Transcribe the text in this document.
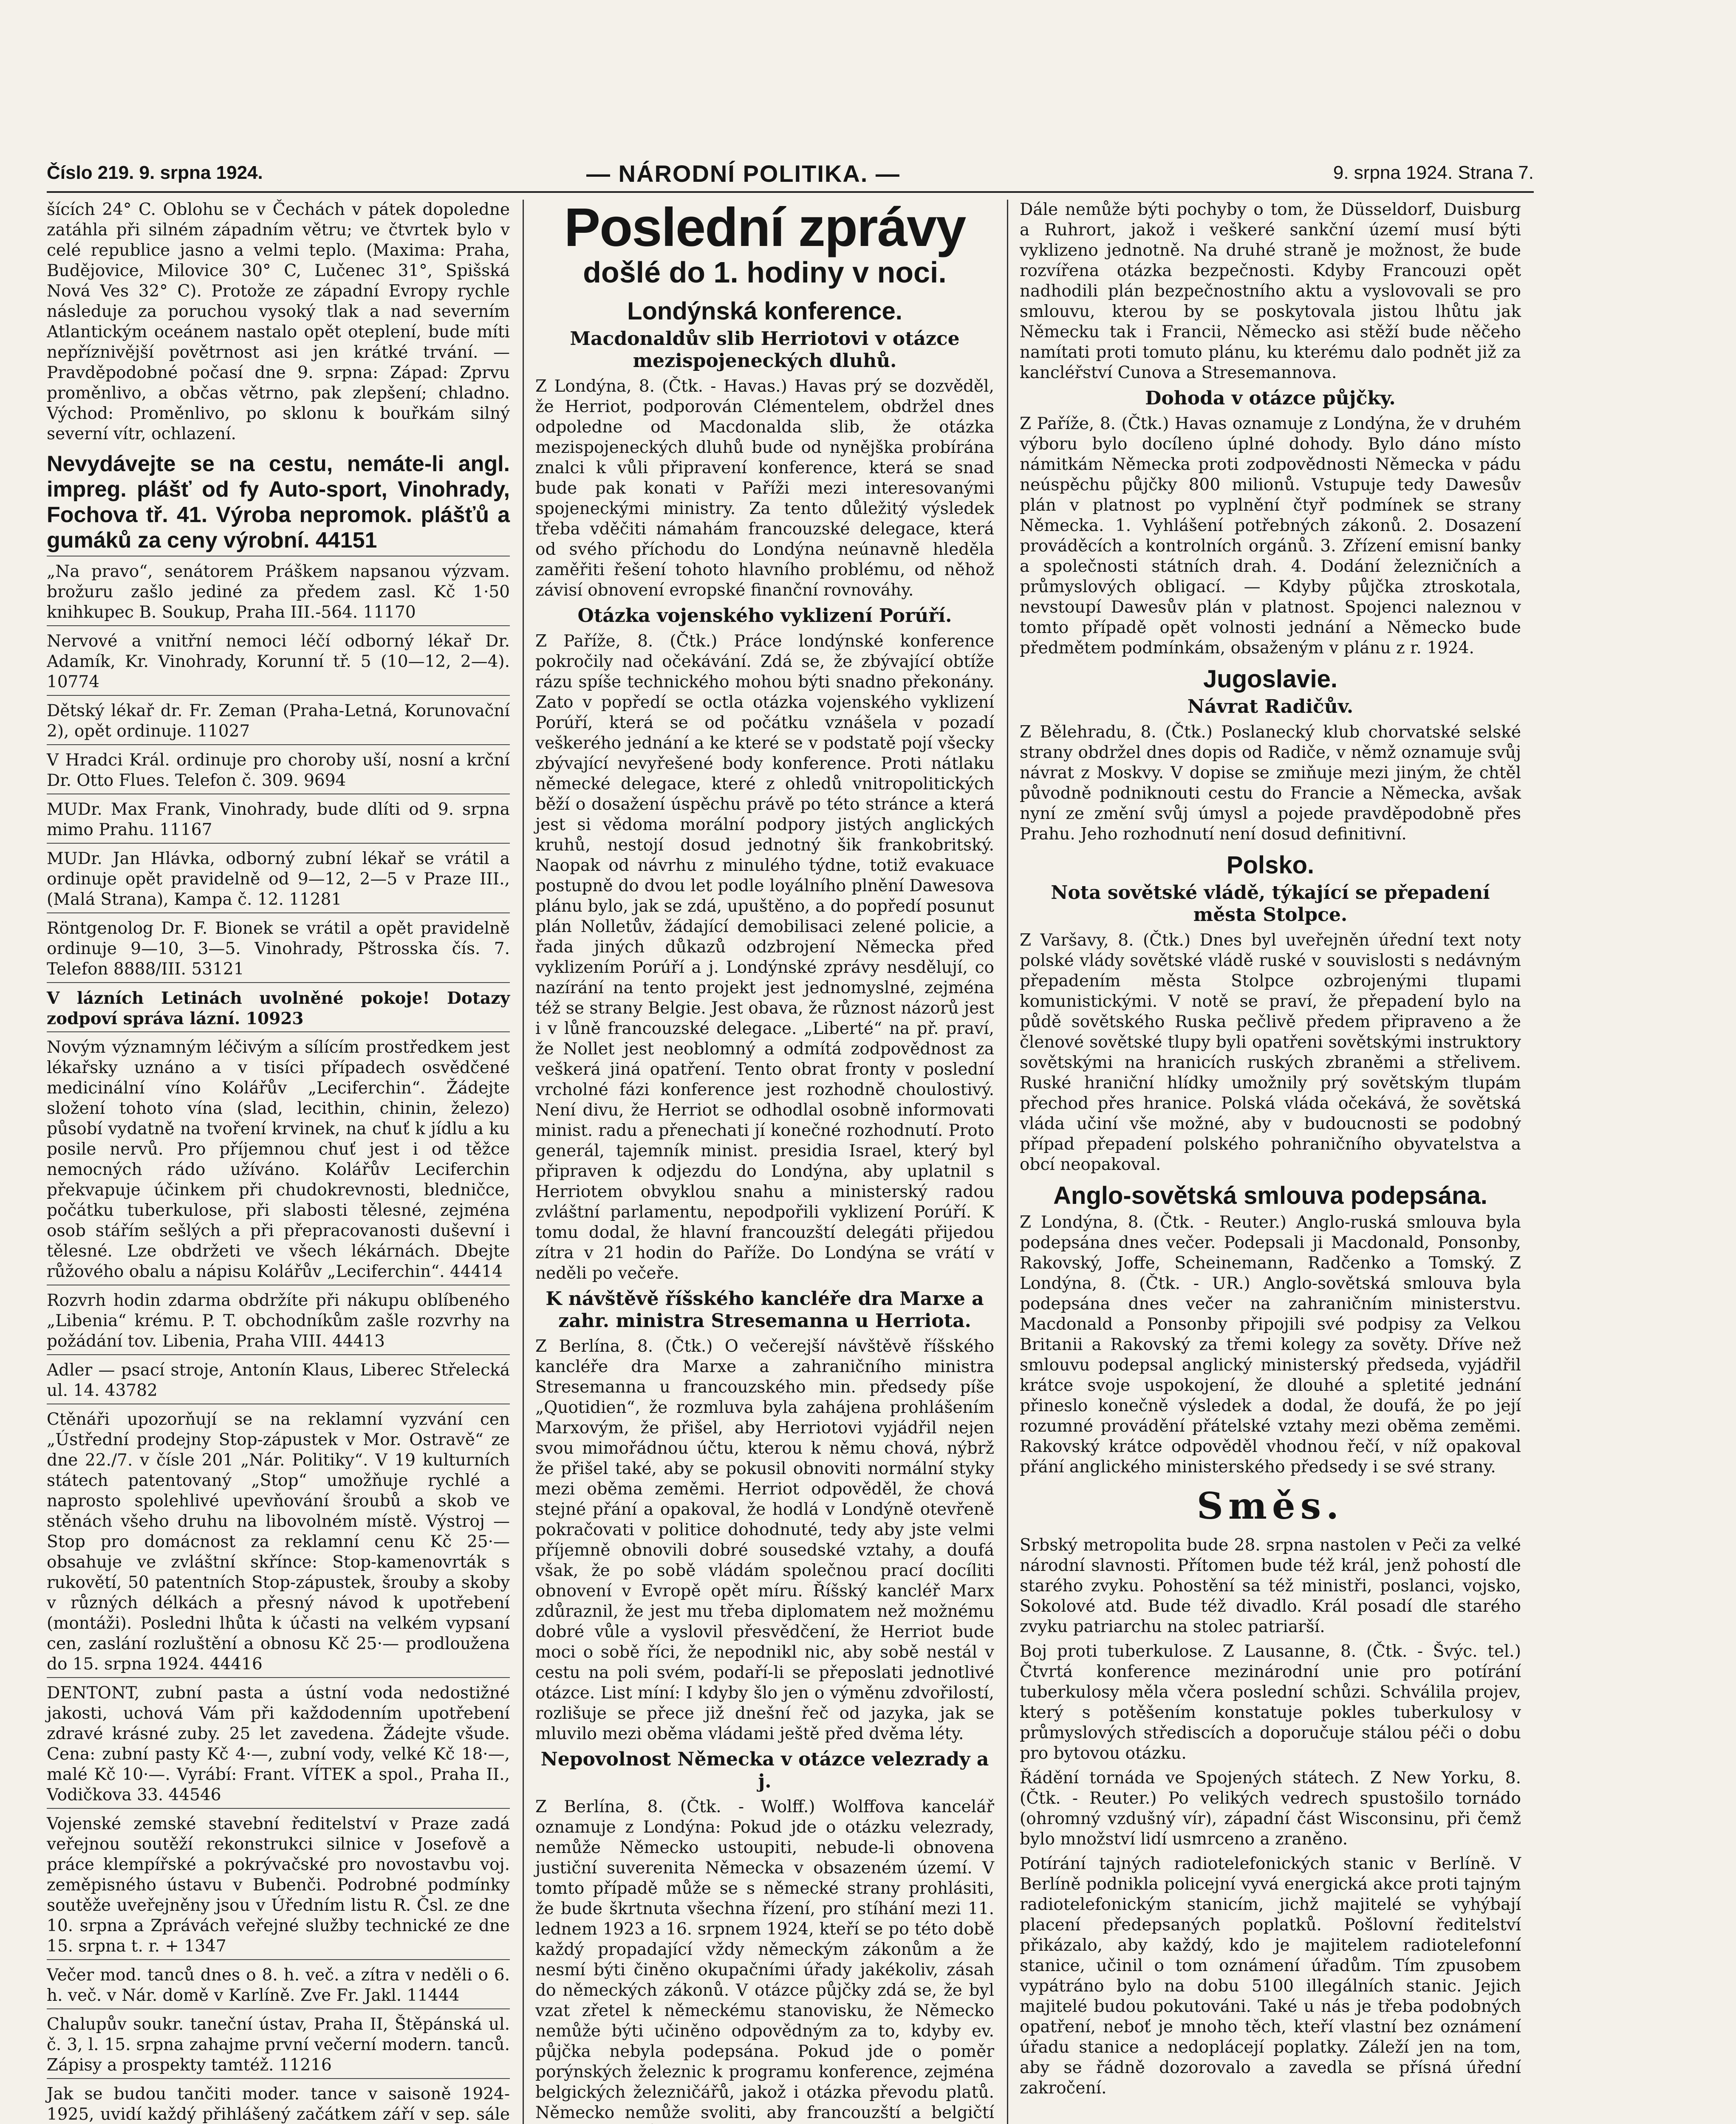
Číslo 219. 9. srpna 1924.	— NÁRODNÍ POLITIKA. —	9. srpna 1924. Strana 7.

šících 24° C. Oblohu se v Čechách v pátek dopoledne zatáhla při silném západním větru; ve čtvrtek bylo v celé republice jasno a velmi teplo. (Maxima: Praha, Budějovice, Milovice 30° C, Lučenec 31°, Spišská Nová Ves 32° C). Protože ze západní Evropy rychle následuje za poruchou vysoký tlak a nad severním Atlantickým oceánem nastalo opět oteplení, bude míti nepříznivější povětrnost asi jen krátké trvání. — Pravděpodobné počasí dne 9. srpna: Západ: Zprvu proměnlivo, a občas větrno, pak zlepšení; chladno. Východ: Proměnlivo, po sklonu k bouřkám silný severní vítr, ochlazení.

Nevydávejte se na cestu, nemáte-li angl. impreg. plášť od fy Auto-sport, Vinohrady, Fochova tř. 41. Výroba nepromok. plášťů a gumáků za ceny výrobní. 44151
„Na pravo“, senátorem Práškem napsanou výzvam. brožuru zašlo jediné za předem zasl. Kč 1·50 knihkupec B. Soukup, Praha III.-564. 11170
Nervové a vnitřní nemoci léčí odborný lékař Dr. Adamík, Kr. Vinohrady, Korunní tř. 5 (10—12, 2—4). 10774
Dětský lékař dr. Fr. Zeman (Praha-Letná, Korunovační 2), opět ordinuje. 11027
V Hradci Král. ordinuje pro choroby uší, nosní a krční Dr. Otto Flues. Telefon č. 309. 9694
MUDr. Max Frank, Vinohrady, bude dlíti od 9. srpna mimo Prahu. 11167
MUDr. Jan Hlávka, odborný zubní lékař se vrátil a ordinuje opět pravidelně od 9—12, 2—5 v Praze III., (Malá Strana), Kampa č. 12. 11281
Röntgenolog Dr. F. Bionek se vrátil a opět pravidelně ordinuje 9—10, 3—5. Vinohrady, Pštrosska čís. 7. Telefon 8888/III. 53121
V lázních Letinách uvolněné pokoje! Dotazy zodpoví správa lázní. 10923
Novým významným léčivým a sílícím prostředkem jest lékařsky uznáno a v tisíci případech osvědčené medicinální víno Kolářův „Leciferchin“. Žádejte složení tohoto vína (slad, lecithin, chinin, železo) působí vydatně na tvoření krvinek, na chuť k jídlu a ku posile nervů. Pro příjemnou chuť jest i od těžce nemocných rádo užíváno. Kolářův Leciferchin překvapuje účinkem při chudokrevnosti, bledničce, počátku tuberkulose, při slabosti tělesné, zejména osob stářím sešlých a při přepracovanosti duševní i tělesné. Lze obdržeti ve všech lékárnách. Dbejte růžového obalu a nápisu Kolářův „Leciferchin“. 44414
Rozvrh hodin zdarma obdržíte při nákupu oblíbeného „Libenia“ krému. P. T. obchodníkům zašle rozvrhy na požádání tov. Libenia, Praha VIII. 44413
Adler — psací stroje, Antonín Klaus, Liberec Střelecká ul. 14. 43782
Ctěnáři upozorňují se na reklamní vyzvání cen „Ústřední prodejny Stop-zápustek v Mor. Ostravě“ ze dne 22./7. v čísle 201 „Nár. Politiky“. V 19 kulturních státech patentovaný „Stop“ umožňuje rychlé a naprosto spolehlivé upevňování šroubů a skob ve stěnách všeho druhu na libovolném místě. Výstroj — Stop pro domácnost za reklamní cenu Kč 25·— obsahuje ve zvláštní skřínce: Stop-kamenovrták s rukovětí, 50 patentních Stop-zápustek, šrouby a skoby v různých délkách a přesný návod k upotřebení (montáži). Posledni lhůta k účasti na velkém vypsaní cen, zaslání rozluštění a obnosu Kč 25·— prodloužena do 15. srpna 1924. 44416
DENTONT, zubní pasta a ústní voda nedostižné jakosti, uchová Vám při každodenním upotřebení zdravé krásné zuby. 25 let zavedena. Žádejte všude. Cena: zubní pasty Kč 4·—, zubní vody, velké Kč 18·—, malé Kč 10·—. Vyrábí: Frant. VÍTEK a spol., Praha II., Vodičkova 33. 44546
Vojenské zemské stavební ředitelství v Praze zadá veřejnou soutěží rekonstrukci silnice v Josefově a práce klempířské a pokrývačské pro novostavbu voj. zeměpisného ústavu v Bubenči. Podrobné podmínky soutěže uveřejněny jsou v Úředním listu R. Čsl. ze dne 10. srpna a Zprávách veřejné služby technické ze dne 15. srpna t. r. + 1347
Večer mod. tanců dnes o 8. h. več. a zítra v neděli o 6. h. več. v Nár. domě v Karlíně. Zve Fr. Jakl. 11444
Chalupův soukr. taneční ústav, Praha II, Štěpánská ul. č. 3, l. 15. srpna zahajme první večerní modern. tanců. Zápisy a prospekty tamtéž. 11216
Jak se budou tančiti moder. tance v saisoně 1924-1925, uvidí každý přihlášený začátkem září v sep. sále
Poslední zprávy
došlé do 1. hodiny v noci.
Londýnská konference.
Macdonaldův slib Herriotovi v otázce mezispojeneckých dluhů.

Z Londýna, 8. (Čtk. - Havas.) Havas prý se dozvěděl, že Herriot, podporován Clémentelem, obdržel dnes odpoledne od Macdonalda slib, že otázka mezispojeneckých dluhů bude od nynějška probírána znalci k vůli připravení konference, která se snad bude pak konati v Paříži mezi interesovanými spojeneckými ministry. Za tento důležitý výsledek třeba vděčiti námahám francouzské delegace, která od svého příchodu do Londýna neúnavně hleděla zaměřiti řešení tohoto hlavního problému, od něhož závisí obnovení evropské finanční rovnováhy.

Otázka vojenského vyklizení Porúří.

Z Paříže, 8. (Čtk.) Práce londýnské konference pokročily nad očekávání. Zdá se, že zbývající obtíže rázu spíše technického mohou býti snadno překonány. Zato v popředí se octla otázka vojenského vyklizení Porúří, která se od počátku vznášela v pozadí veškerého jednání a ke které se v podstatě pojí všecky zbývající nevyřešené body konference. Proti nátlaku německé delegace, které z ohledů vnitropolitických běží o dosažení úspěchu právě po této stránce a která jest si vědoma morální podpory jistých anglických kruhů, nestojí dosud jednotný šik frankobritský. Naopak od návrhu z minulého týdne, totiž evakuace postupně do dvou let podle loyálního plnění Dawesova plánu bylo, jak se zdá, upuštěno, a do popředí posunut plán Nolletův, žádající demobilisaci zelené policie, a řada jiných důkazů odzbrojení Německa před vyklizením Porúří a j. Londýnské zprávy nesdělují, co nazírání na tento projekt jest jednomyslné, zejména též se strany Belgie. Jest obava, že různost názorů jest i v lůně francouzské delegace. „Liberté“ na př. praví, že Nollet jest neoblomný a odmítá zodpovědnost za veškerá jiná opatření. Tento obrat fronty v poslední vrcholné fázi konference jest rozhodně choulostivý. Není divu, že Herriot se odhodlal osobně informovati minist. radu a přenechati jí konečné rozhodnutí. Proto generál, tajemník minist. presidia Israel, který byl připraven k odjezdu do Londýna, aby uplatnil s Herriotem obvyklou snahu a ministerský radou zvláštní parlamentu, nepodpořili vyklizení Porúří. K tomu dodal, že hlavní francouzští delegáti přijedou zítra v 21 hodin do Paříže. Do Londýna se vrátí v neděli po večeře.

K návštěvě říšského kancléře dra Marxe a zahr. ministra Stresemanna u Herriota.

Z Berlína, 8. (Čtk.) O večerejší návštěvě říšského kancléře dra Marxe a zahraničního ministra Stresemanna u francouzského min. předsedy píše „Quotidien“, že rozmluva byla zahájena prohlášením Marxovým, že přišel, aby Herriotovi vyjádřil nejen svou mimořádnou účtu, kterou k němu chová, nýbrž že přišel také, aby se pokusil obnoviti normální styky mezi oběma zeměmi. Herriot odpověděl, že chová stejné přání a opakoval, že hodlá v Londýně otevřeně pokračovati v politice dohodnuté, tedy aby jste velmi příjemně obnovili dobré sousedské vztahy, a doufá však, že po sobě vládám společnou prací docíliti obnovení v Evropě opět míru. Říšský kancléř Marx zdůraznil, že jest mu třeba diplomatem než možnému dobré vůle a vyslovil přesvědčení, že Herriot bude moci o sobě říci, že nepodnikl nic, aby sobě nestál v cestu na poli svém, podaří-li se přeposlati jednotlivé otázce. List míní: I kdyby šlo jen o výměnu zdvořilostí, rozlišuje se přece již dnešní řeč od jazyka, jak se mluvilo mezi oběma vládami ještě před dvěma léty.

Nepovolnost Německa v otázce velezrady a j.

Z Berlína, 8. (Čtk. - Wolff.) Wolffova kancelář oznamuje z Londýna: Pokud jde o otázku velezrady, nemůže Německo ustoupiti, nebude-li obnovena justiční suverenita Německa v obsazeném území. V tomto případě může se s německé strany prohlásiti, že bude škrtnuta všechna řízení, pro stíhání mezi 11. lednem 1923 a 16. srpnem 1924, kteří se po této době každý propadající vždy německým zákonům a že nesmí býti činěno okupačními úřady jakékoliv, zásah do německých zákonů. V otázce půjčky zdá se, že byl vzat zřetel k německému stanovisku, že Německo nemůže býti učiněno odpovědným za to, kdyby ev. půjčka nebyla podepsána. Pokud jde o poměr porýnských železnic k programu konference, zejména belgických železničářů, jakož i otázka převodu platů. Německo nemůže svoliti, aby francouzští a belgičtí

Dále nemůže býti pochyby o tom, že Düsseldorf, Duisburg a Ruhrort, jakož i veškeré sankční území musí býti vyklizeno jednotně. Na druhé straně je možnost, že bude rozvířena otázka bezpečnosti. Kdyby Francouzi opět nadhodili plán bezpečnostního aktu a vyslovovali se pro smlouvu, kterou by se poskytovala jistou lhůtu jak Německu tak i Francii, Německo asi stěží bude něčeho namítati proti tomuto plánu, ku kterému dalo podnět již za kancléřství Cunova a Stresemannova.

Dohoda v otázce půjčky.

Z Paříže, 8. (Čtk.) Havas oznamuje z Londýna, že v druhém výboru bylo docíleno úplné dohody. Bylo dáno místo námitkám Německa proti zodpovědnosti Německa v pádu neúspěchu půjčky 800 milionů. Vstupuje tedy Dawesův plán v platnost po vyplnění čtyř podmínek se strany Německa. 1. Vyhlášení potřebných zákonů. 2. Dosazení prováděcích a kontrolních orgánů. 3. Zřízení emisní banky a společnosti státních drah. 4. Dodání železničních a průmyslových obligací. — Kdyby půjčka ztroskotala, nevstoupí Dawesův plán v platnost. Spojenci naleznou v tomto případě opět volnosti jednání a Německo bude předmětem podmínkám, obsaženým v plánu z r. 1924.

Jugoslavie.
Návrat Radičův.

Z Bělehradu, 8. (Čtk.) Poslanecký klub chorvatské selské strany obdržel dnes dopis od Radiče, v němž oznamuje svůj návrat z Moskvy. V dopise se zmiňuje mezi jiným, že chtěl původně podniknouti cestu do Francie a Německa, avšak nyní ze změní svůj úmysl a pojede pravděpodobně přes Prahu. Jeho rozhodnutí není dosud definitivní.

Polsko.
Nota sovětské vládě, týkající se přepadení města Stolpce.

Z Varšavy, 8. (Čtk.) Dnes byl uveřejněn úřední text noty polské vlády sovětské vládě ruské v souvislosti s nedávným přepadením města Stolpce ozbrojenými tlupami komunistickými. V notě se praví, že přepadení bylo na půdě sovětského Ruska pečlivě předem připraveno a že členové sovětské tlupy byli opatřeni sovětskými instruktory sovětskými na hranicích ruských zbraněmi a střelivem. Ruské hraniční hlídky umožnily prý sovětským tlupám přechod přes hranice. Polská vláda očekává, že sovětská vláda učiní vše možné, aby v budoucnosti se podobný případ přepadení polského pohraničního obyvatelstva a obcí neopakoval.

Anglo-sovětská smlouva podepsána.

Z Londýna, 8. (Čtk. - Reuter.) Anglo-ruská smlouva byla podepsána dnes večer. Podepsali ji Macdonald, Ponsonby, Rakovský, Joffe, Scheinemann, Radčenko a Tomský. Z Londýna, 8. (Čtk. - UR.) Anglo-sovětská smlouva byla podepsána dnes večer na zahraničním ministerstvu. Macdonald a Ponsonby připojili své podpisy za Velkou Britanii a Rakovský za třemi kolegy za sověty. Dříve než smlouvu podepsal anglický ministerský předseda, vyjádřil krátce svoje uspokojení, že dlouhé a spletité jednání přineslo konečně výsledek a dodal, že doufá, že po její rozumné provádění přátelské vztahy mezi oběma zeměmi. Rakovský krátce odpověděl vhodnou řečí, v níž opakoval přání anglického ministerského předsedy i se své strany.

Směs.

Srbský metropolita bude 28. srpna nastolen v Peči za velké národní slavnosti. Přítomen bude též král, jenž pohostí dle starého zvyku. Pohostění sa též ministři, poslanci, vojsko, Sokolové atd. Bude též divadlo. Král posadí dle starého zvyku patriarchu na stolec patriarší.

Boj proti tuberkulose. Z Lausanne, 8. (Čtk. - Švýc. tel.) Čtvrtá konference mezinárodní unie pro potírání tuberkulosy měla včera poslední schůzi. Schválila projev, který s potěšením konstatuje pokles tuberkulosy v průmyslových střediscích a doporučuje stálou péči o dobu pro bytovou otázku.

Řádění tornáda ve Spojených státech. Z New Yorku, 8. (Čtk. - Reuter.) Po velikých vedrech spustošilo tornádo (ohromný vzdušný vír), západní část Wisconsinu, při čemž bylo množství lidí usmrceno a zraněno.

Potírání tajných radiotelefonických stanic v Berlíně. V Berlíně podnikla policejní vyvá energická akce proti tajným radiotelefonickým stanicím, jichž majitelé se vyhýbají placení předepsaných poplatků. Pošlovní ředitelství přikázalo, aby každý, kdo je majitelem radiotelefonní stanice, učinil o tom oznámení úřadům. Tím zpusobem vypátráno bylo na dobu 5100 illegálních stanic. Jejich majitelé budou pokutováni. Také u nás je třeba podobných opatření, neboť je mnoho těch, kteří vlastní bez oznámení úřadu stanice a nedoplácejí poplatky. Záleží jen na tom, aby se řádně dozorovalo a zavedla se přísná úřední zakročení.
